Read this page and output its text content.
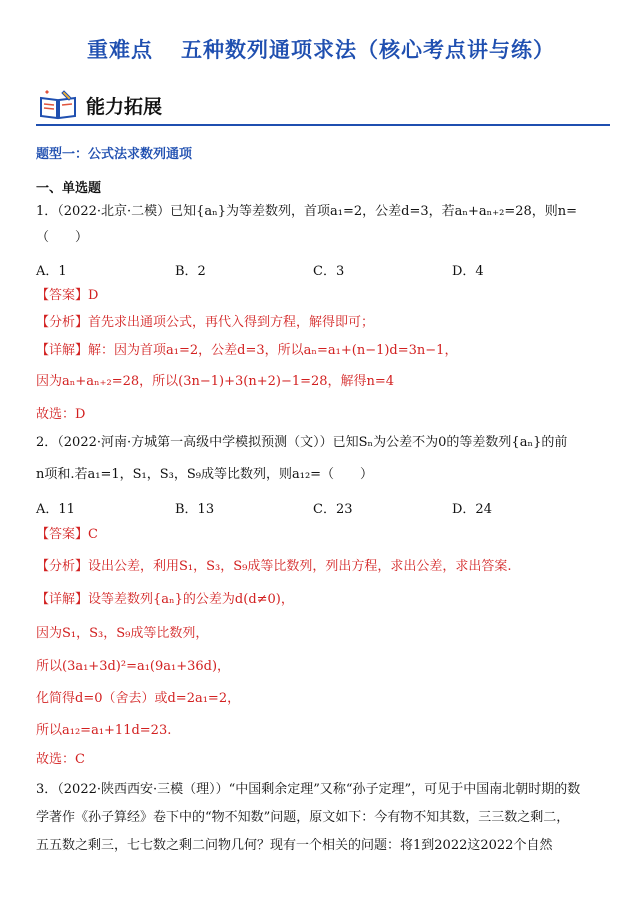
重难点 五种数列通项求法（核心考点讲与练）
能力拓展
题型一：公式法求数列通项
一、单选题
1．（2022·北京·二模）已知{aₙ}为等差数列，首项a₁=2，公差d=3，若aₙ+aₙ₊₂=28，则n=
（　　）
A．1	B．2	C．3	D．4
【答案】D
【分析】首先求出通项公式，再代入得到方程，解得即可；
【详解】解：因为首项a₁=2，公差d=3，所以aₙ=a₁+(n−1)d=3n−1，
因为aₙ+aₙ₊₂=28，所以(3n−1)+3(n+2)−1=28，解得n=4
故选：D
2．（2022·河南·方城第一高级中学模拟预测（文））已知Sₙ为公差不为0的等差数列{aₙ}的前
n项和.若a₁=1，S₁，S₃，S₉成等比数列，则a₁₂=（　　）
A．11	B．13	C．23	D．24
【答案】C
【分析】设出公差，利用S₁，S₃，S₉成等比数列，列出方程，求出公差，求出答案.
【详解】设等差数列{aₙ}的公差为d(d≠0)，
因为S₁，S₃，S₉成等比数列，
所以(3a₁+3d)²=a₁(9a₁+36d)，
化简得d=0（舍去）或d=2a₁=2，
所以a₁₂=a₁+11d=23.
故选：C
3．（2022·陕西西安·三模（理））“中国剩余定理”又称“孙子定理”，可见于中国南北朝时期的数
学著作《孙子算经》卷下中的“物不知数”问题，原文如下：今有物不知其数，三三数之剩二，
五五数之剩三，七七数之剩二问物几何？现有一个相关的问题：将1到2022这2022个自然
